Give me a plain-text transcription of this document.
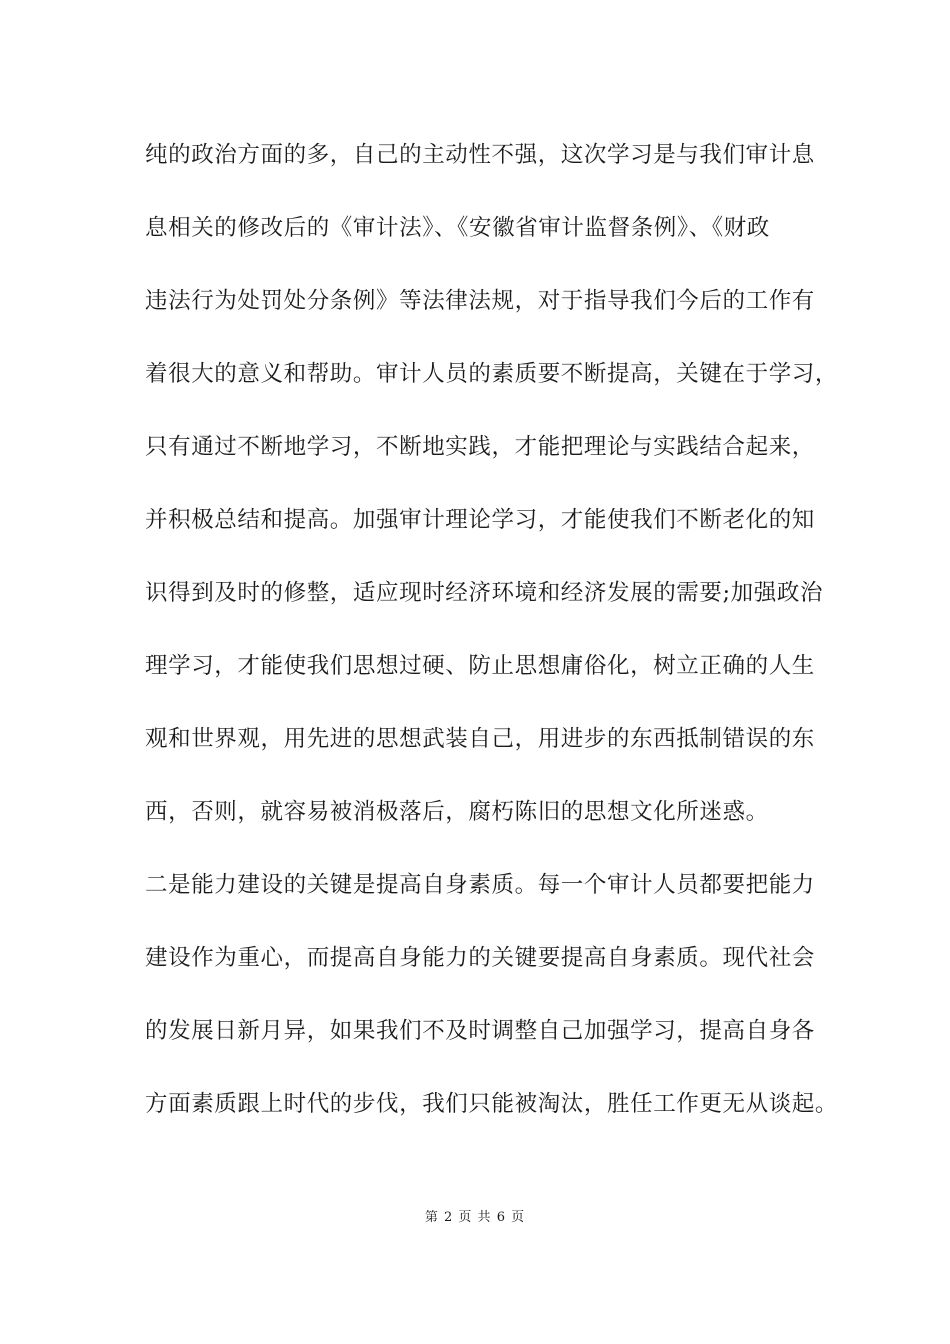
纯的政治方面的多，自己的主动性不强，这次学习是与我们审计息
息相关的修改后的《审计法》、《安徽省审计监督条例》、《财政
违法行为处罚处分条例》等法律法规，对于指导我们今后的工作有
着很大的意义和帮助。审计人员的素质要不断提高，关键在于学习，
只有通过不断地学习，不断地实践，才能把理论与实践结合起来，
并积极总结和提高。加强审计理论学习，才能使我们不断老化的知
识得到及时的修整，适应现时经济环境和经济发展的需要;加强政治
理学习，才能使我们思想过硬、防止思想庸俗化，树立正确的人生
观和世界观，用先进的思想武装自己，用进步的东西抵制错误的东
西，否则，就容易被消极落后，腐朽陈旧的思想文化所迷惑。
二是能力建设的关键是提高自身素质。每一个审计人员都要把能力
建设作为重心，而提高自身能力的关键要提高自身素质。现代社会
的发展日新月异，如果我们不及时调整自己加强学习，提高自身各
方面素质跟上时代的步伐，我们只能被淘汰，胜任工作更无从谈起。
第 2 页 共 6 页
